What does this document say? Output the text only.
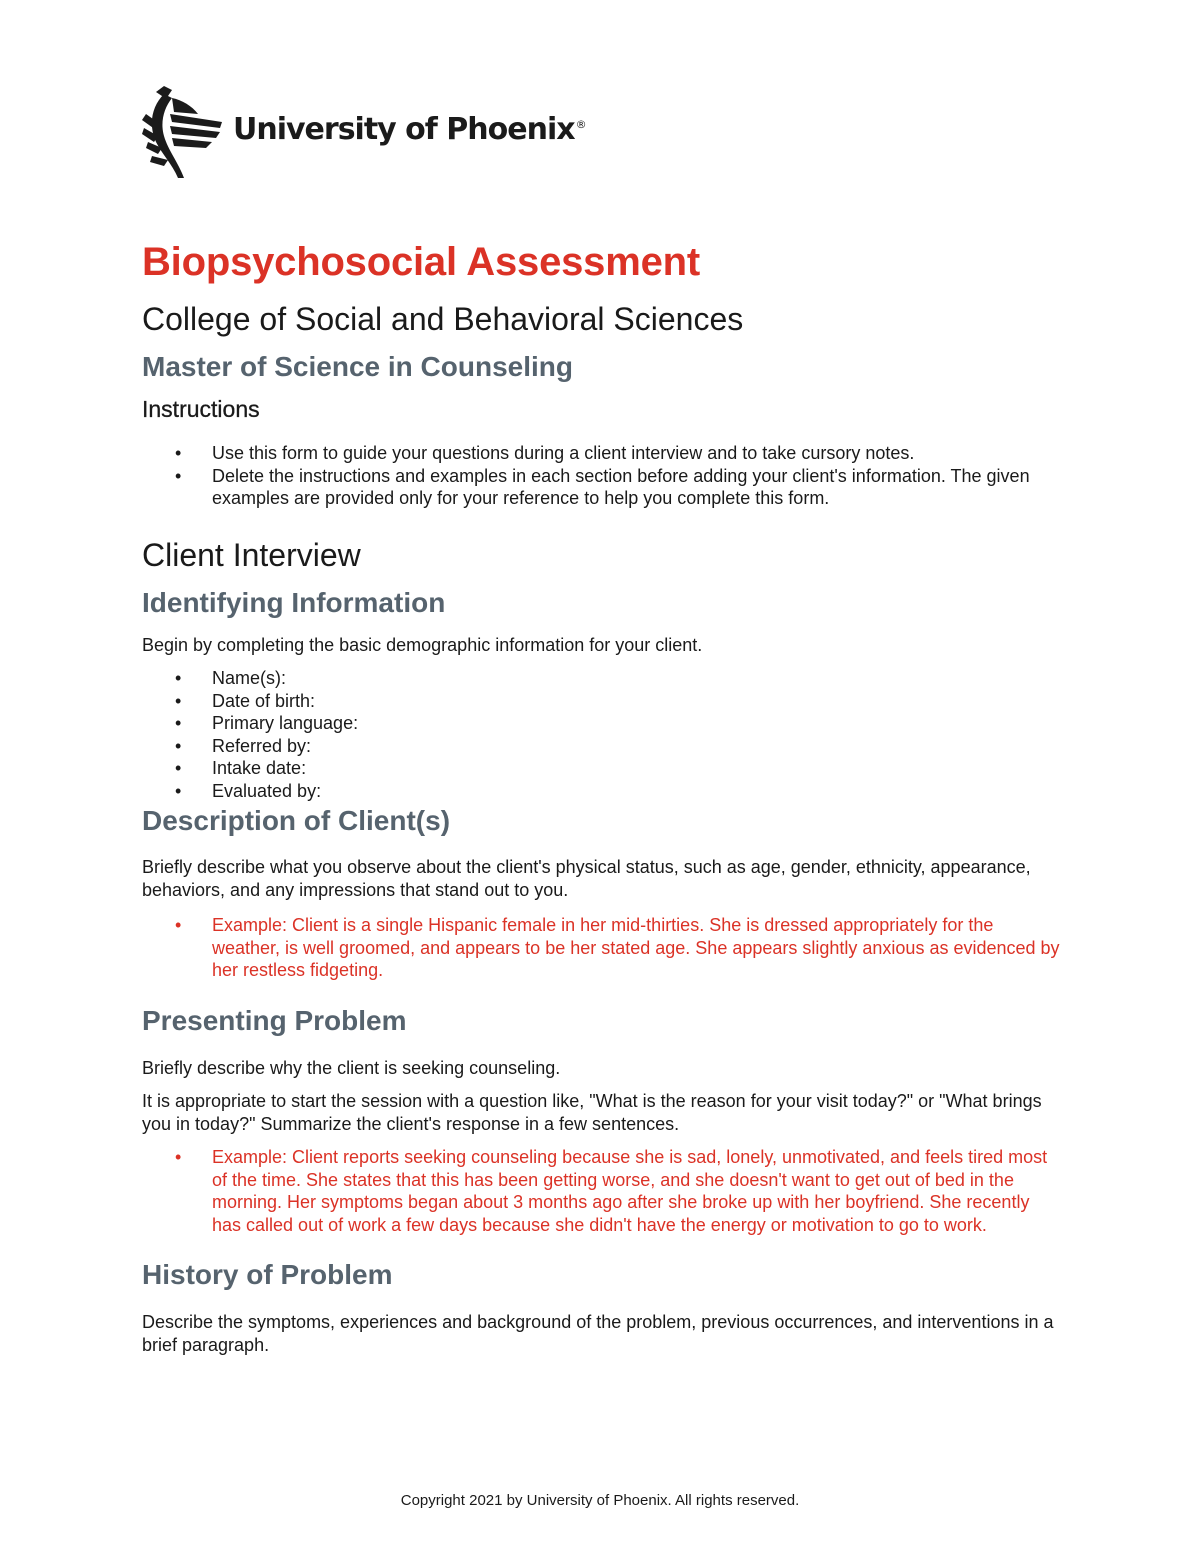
University of Phoenix®
Biopsychosocial Assessment
College of Social and Behavioral Sciences
Master of Science in Counseling
Instructions
• Use this form to guide your questions during a client interview and to take cursory notes.
• Delete the instructions and examples in each section before adding your client's information. The given examples are provided only for your reference to help you complete this form.
Client Interview
Identifying Information

Begin by completing the basic demographic information for your client.

• Name(s):
• Date of birth:
• Primary language:
• Referred by:
• Intake date:
• Evaluated by:
Description of Client(s)

Briefly describe what you observe about the client's physical status, such as age, gender, ethnicity, appearance, behaviors, and any impressions that stand out to you.

• Example: Client is a single Hispanic female in her mid-thirties. She is dressed appropriately for the weather, is well groomed, and appears to be her stated age. She appears slightly anxious as evidenced by her restless fidgeting.
Presenting Problem

Briefly describe why the client is seeking counseling.

It is appropriate to start the session with a question like, "What is the reason for your visit today?" or "What brings you in today?" Summarize the client's response in a few sentences.

• Example: Client reports seeking counseling because she is sad, lonely, unmotivated, and feels tired most of the time. She states that this has been getting worse, and she doesn't want to get out of bed in the morning. Her symptoms began about 3 months ago after she broke up with her boyfriend. She recently has called out of work a few days because she didn't have the energy or motivation to go to work.
History of Problem

Describe the symptoms, experiences and background of the problem, previous occurrences, and interventions in a brief paragraph.

Copyright 2021 by University of Phoenix. All rights reserved.
